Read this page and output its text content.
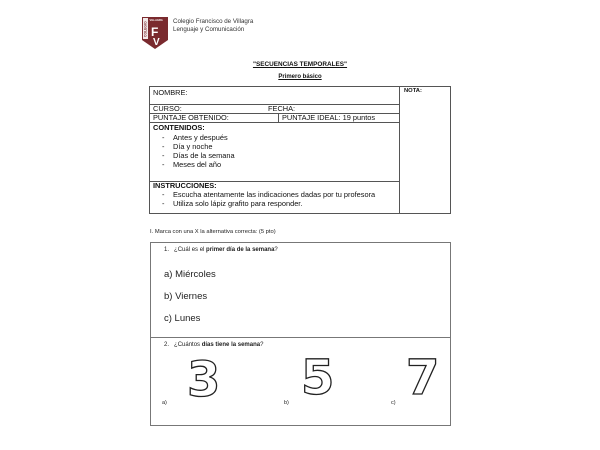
COLEGIO
VILLAGRA
F
V
Colegio Francisco de Villagra
Lenguaje y Comunicación
"SECUENCIAS TEMPORALES"
Primero básico
NOMBRE:	NOTA:
CURSO:	FECHA:
PUNTAJE OBTENIDO:	PUNTAJE IDEAL: 19 puntos
CONTENIDOS:
- Antes y después
- Día y noche
- Días de la semana
- Meses del año
INSTRUCCIONES:
- Escucha atentamente las indicaciones dadas por tu profesora
- Utiliza solo lápiz grafito para responder.
I. Marca con una X la alternativa correcta: (5 pto)
1. ¿Cuál es el primer día de la semana?
a) Miércoles
b) Viernes
c) Lunes
2. ¿Cuántos días tiene la semana?
a) 3	b) 5	c) 7
